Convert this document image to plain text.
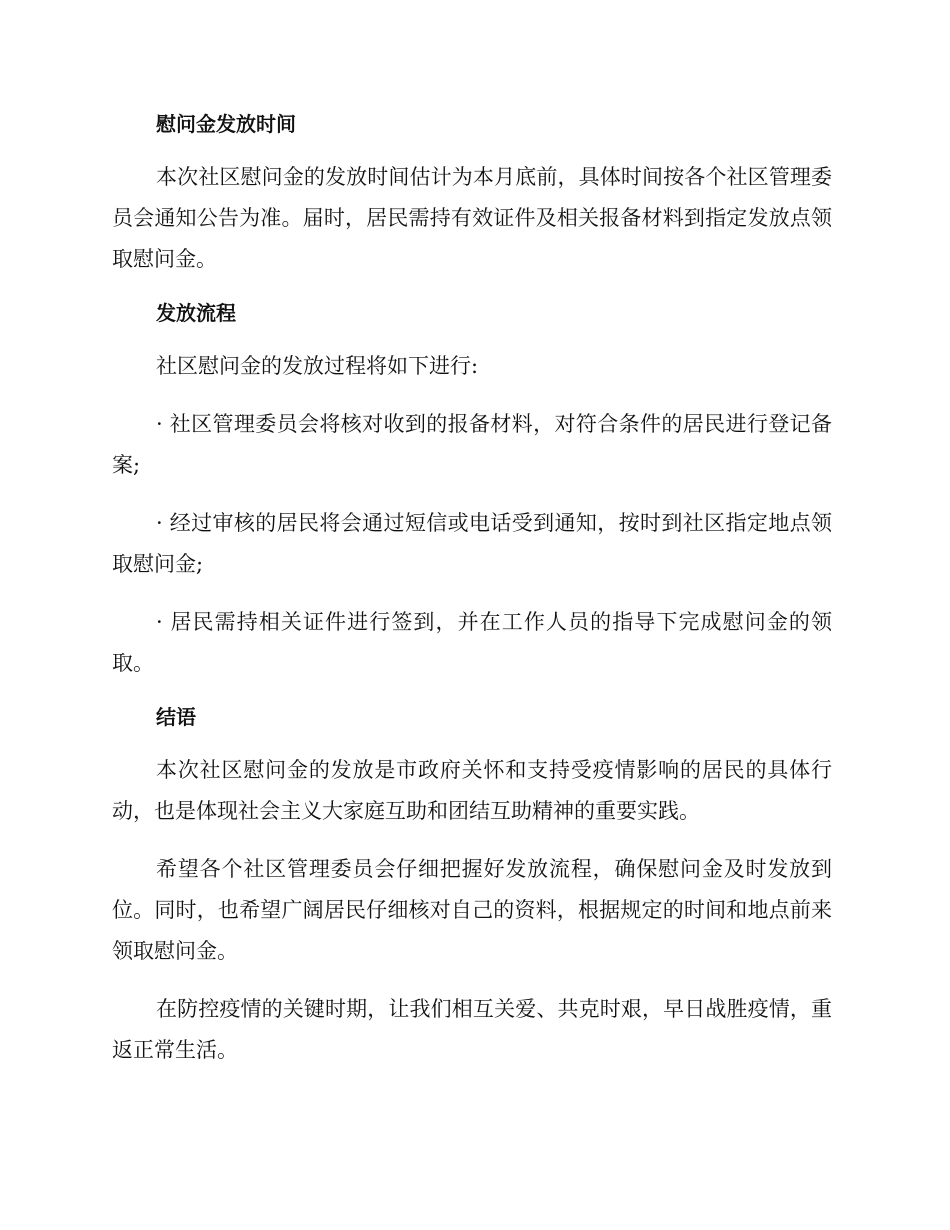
慰问金发放时间

本次社区慰问金的发放时间估计为本月底前，具体时间按各个社区管理委员会通知公告为准。届时，居民需持有效证件及相关报备材料到指定发放点领取慰问金。

发放流程

社区慰问金的发放过程将如下进行:

· 社区管理委员会将核对收到的报备材料，对符合条件的居民进行登记备案;

· 经过审核的居民将会通过短信或电话受到通知，按时到社区指定地点领取慰问金;

· 居民需持相关证件进行签到，并在工作人员的指导下完成慰问金的领取。

结语

本次社区慰问金的发放是市政府关怀和支持受疫情影响的居民的具体行动，也是体现社会主义大家庭互助和团结互助精神的重要实践。

希望各个社区管理委员会仔细把握好发放流程，确保慰问金及时发放到位。同时，也希望广阔居民仔细核对自己的资料，根据规定的时间和地点前来领取慰问金。

在防控疫情的关键时期，让我们相互关爱、共克时艰，早日战胜疫情，重返正常生活。
